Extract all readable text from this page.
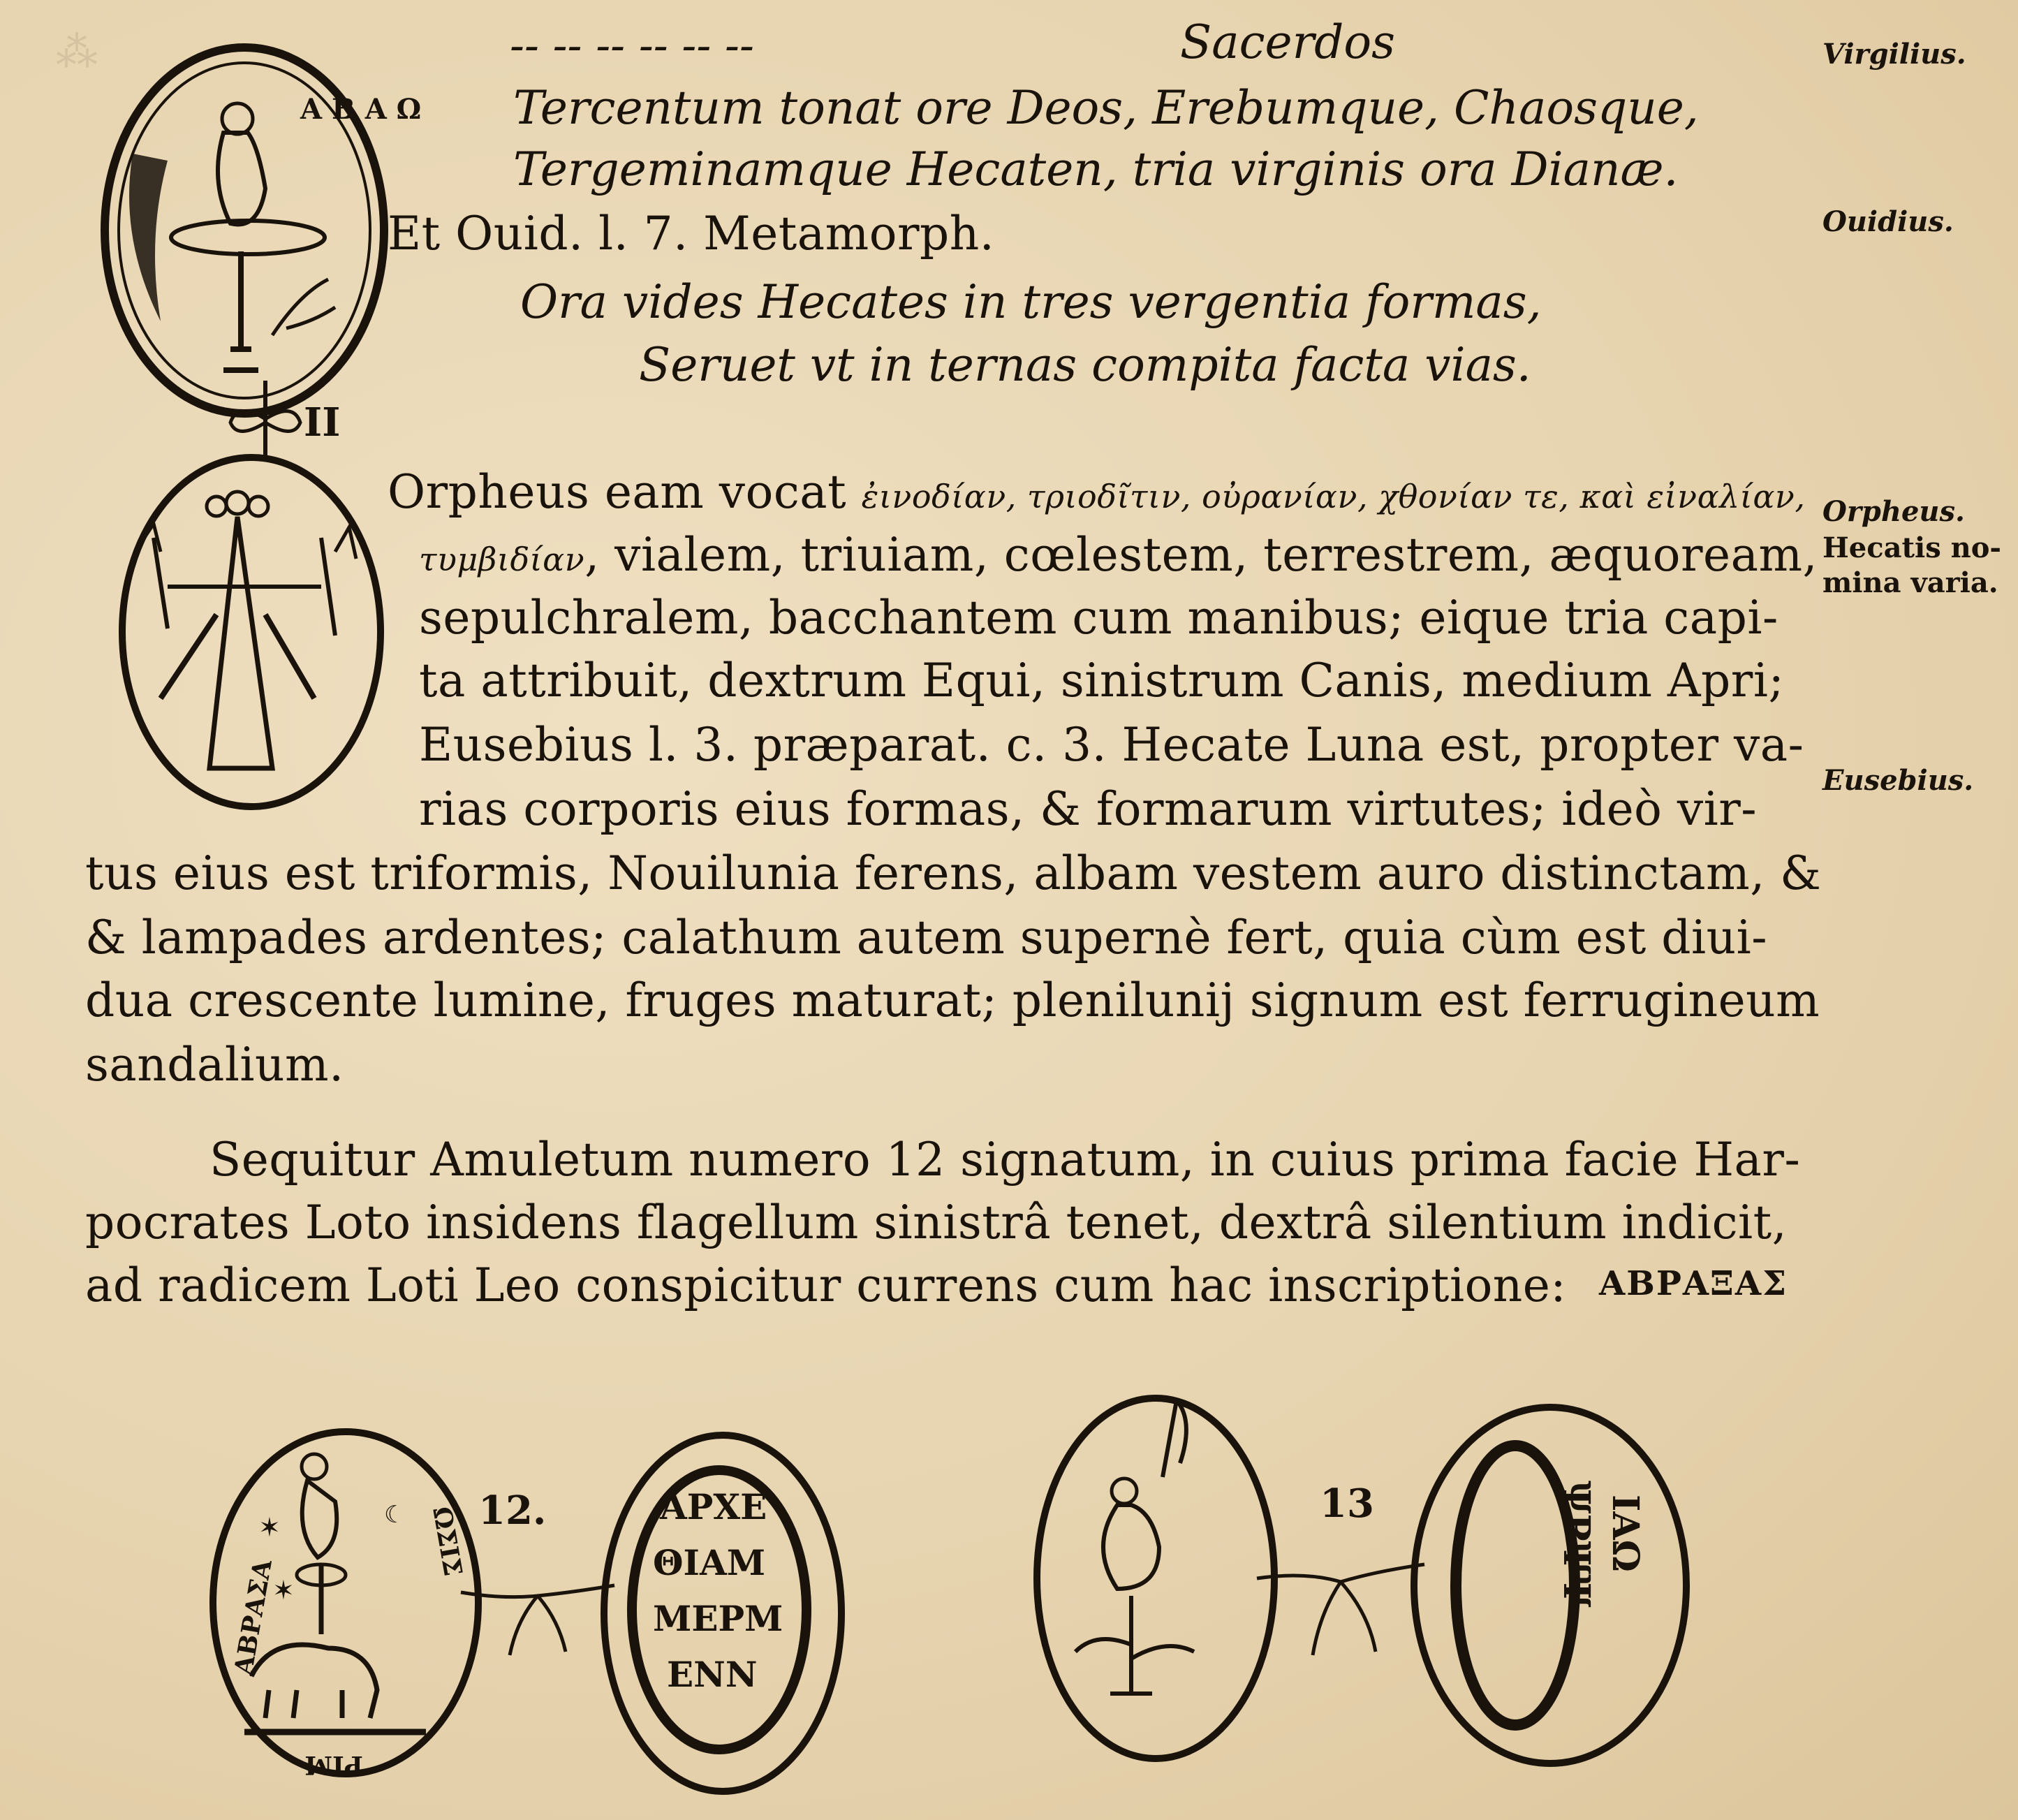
⁂	-- -- -- -- -- --	Sacerdos
Tercentum tonat ore Deos, Erebumque, Chaosque,
Tergeminamque Hecaten, tria virginis ora Dianæ.
Et Ouid. l. 7. Metamorph.
Ora vides Hecates in tres vergentia formas,
Seruet vt in ternas compita facta vias.
Orpheus eam vocat ἐινοδίαν, τριοδῖτιν, οὐρανίαν, χθονίαν τε, καὶ εἰναλίαν,
τυμβιδίαν, vialem, triuiam, cœlestem, terrestrem, æquoream,
sepulchralem, bacchantem cum manibus; eique tria capi-
ta attribuit, dextrum Equi, sinistrum Canis, medium Apri;
Eusebius l. 3. præparat. c. 3. Hecate Luna est, propter va-
rias corporis eius formas, & formarum virtutes; ideò vir-
tus eius est triformis, Nouilunia ferens, albam vestem auro distinctam, &
& lampades ardentes; calathum autem supernè fert, quia cùm est diui-
dua crescente lumine, fruges maturat; plenilunij signum est ferrugineum
sandalium.
Sequitur Amuletum numero 12 signatum, in cuius prima facie Har-
pocrates Loto insidens flagellum sinistrâ tenet, dextrâ silentium indicit,
ad radicem Loti Leo conspicitur currens cum hac inscriptione: ΑΒΡΑΞΑΣ
Virgilius.
Ouidius.
Orpheus.
Hecatis no-
mina varia.
Eusebius.
Α Β Α Ω
II
✶
✶
☾
ΑΒΡΑΣΑ
ΩΣΙΣ
ΡΙΜ
12.	ΑΡΧΕ
ΘΙΑΜ
ΜΕΡΜ
ΕΝΝ
13	ΨΡΨΨ ΙΑΩ
